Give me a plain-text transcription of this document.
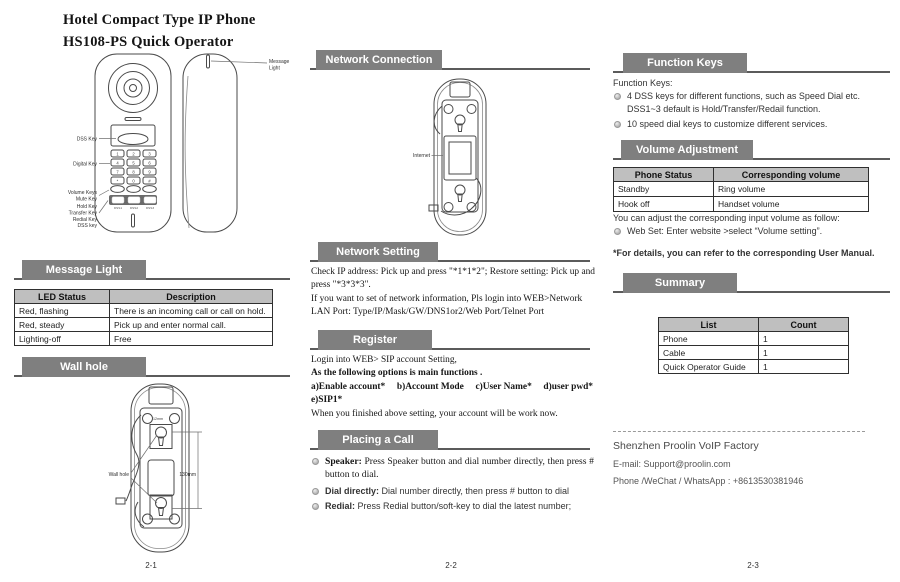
Hotel Compact Type IP Phone
HS108-PS Quick Operator
1	2	3
4	5	6
7	8	9
*	0	#
DSS1	DSS2	DSS3
Message
Light
DSS Key
Digital Key
Volume Keys
Mute Key
Hold Key
Transfer Key
Redial Key
DSS key
Message Light
LED Status	Description
Red, flashing	There is an incoming call or call on hold.
Red, steady	Pick up and enter normal call.
Lighting-off	Free
Wall hole
12mm
Wall hole	130mm
2-1
Network Connection
Internet
Network Setting
Check IP address: Pick up and press "*1*1*2"; Restore setting: Pick up and press "*3*3*3".
If you want to set of network information, Pls login into WEB>Network
LAN Port: Type/IP/Mask/GW/DNS1or2/Web Port/Telnet Port
Register
Login into WEB> SIP account Setting,
As the following options is main functions .
a)Enable account* b)Account Mode c)User Name* d)user pwd*
e)SIP1*
When you finished above setting, your account will be work now.
Placing a Call
Speaker: Press Speaker button and dial number directly, then press # button to dial.
Dial directly: Dial number directly, then press # button to dial
Redial: Press Redial button/soft-key to dial the latest number;
2-2
Function Keys
Function Keys:
4 DSS keys for different functions, such as Speed Dial etc. DSS1~3 default is Hold/Transfer/Redail function.
10 speed dial keys to customize different services.
Volume Adjustment
Phone Status	Corresponding volume
Standby	Ring volume
Hook off	Handset volume
You can adjust the corresponding input volume as follow:
Web Set: Enter website >select “Volume setting”.
*For details, you can refer to the corresponding User Manual.
Summary
List	Count
Phone	1
Cable	1
Quick Operator Guide	1
Shenzhen Proolin VoIP Factory
E-mail: Support@proolin.com
Phone /WeChat / WhatsApp : +8613530381946
2-3
